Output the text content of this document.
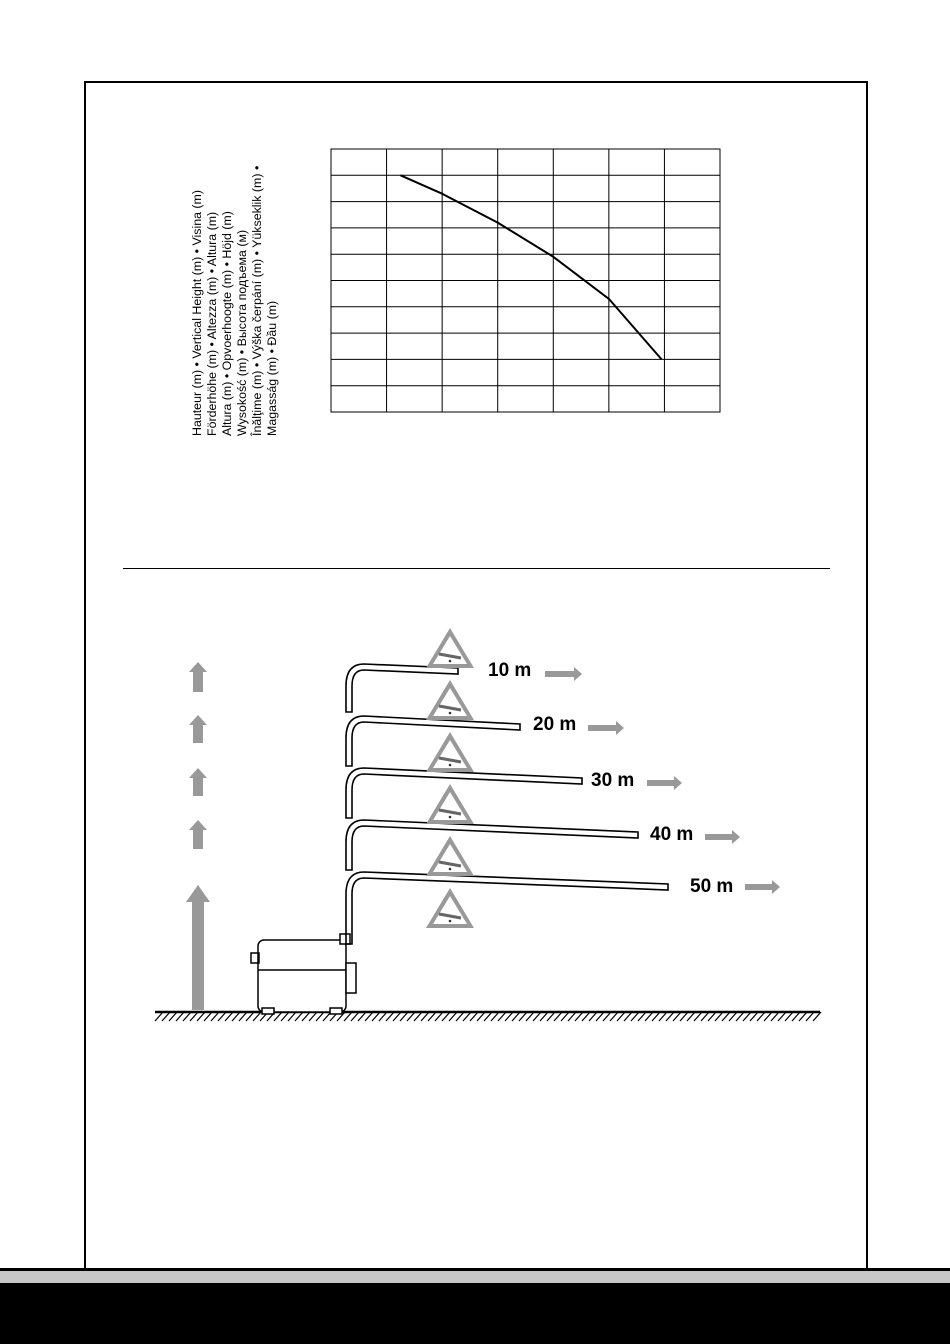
Hauteur (m) • Vertical Height (m) • Visina (m) Förderhöhe (m) • Altezza (m) • Altura (m) Altura (m) • Opvoerhoogte (m) • Höjd (m) Wysokość (m) • Высота подъема (м) Înălţime (m) • Výška čerpání (m) • Yükseklik (m) • Magasság (m) • Đầu (m)
10 m
20 m
30 m
40 m
50 m
